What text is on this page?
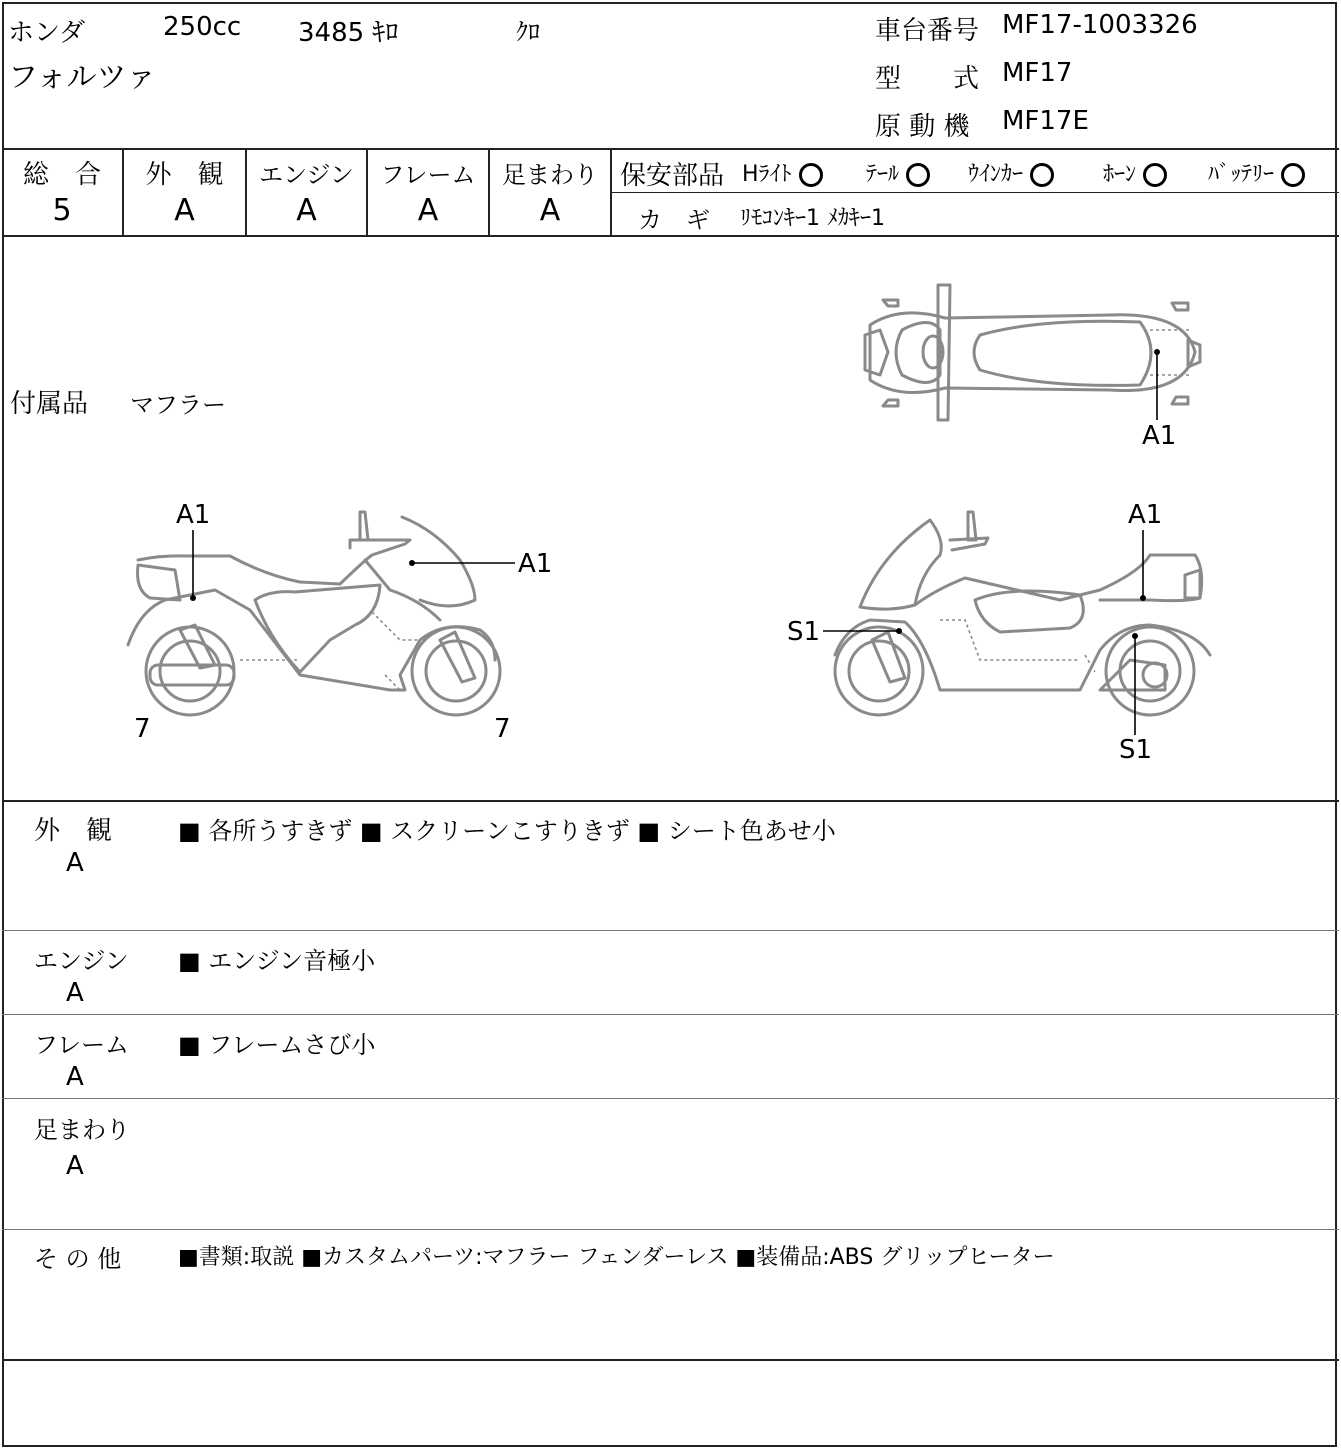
ホンダ	250cc 3485 ｷﾛ	ｸﾛ
フォルツァ
車台番号 MF17-1003326
型　　式 MF17
原 動 機 MF17E
総　合	外　観	エンジン	フレーム	足まわり
5	A	A	A	A
保安部品 Hﾗｲﾄ	ﾃｰﾙ	ｳｲﾝｶｰ	ﾎｰﾝ	ﾊﾞｯﾃﾘｰ
カ　ギ ﾘﾓｺﾝｷｰ1 ﾒｶｷｰ1
付属品 マフラー
A1
A1
A1
7	7
A1
S1
S1
外　観
A
■ 各所うすきず ■ スクリーンこすりきず ■ シート色あせ小
エンジン
A
■ エンジン音極小
フレーム
A
■ フレームさび小
足まわり
A
そ の 他	■書類:取説 ■カスタムパーツ:マフラー フェンダーレス ■装備品:ABS グリップヒーター
